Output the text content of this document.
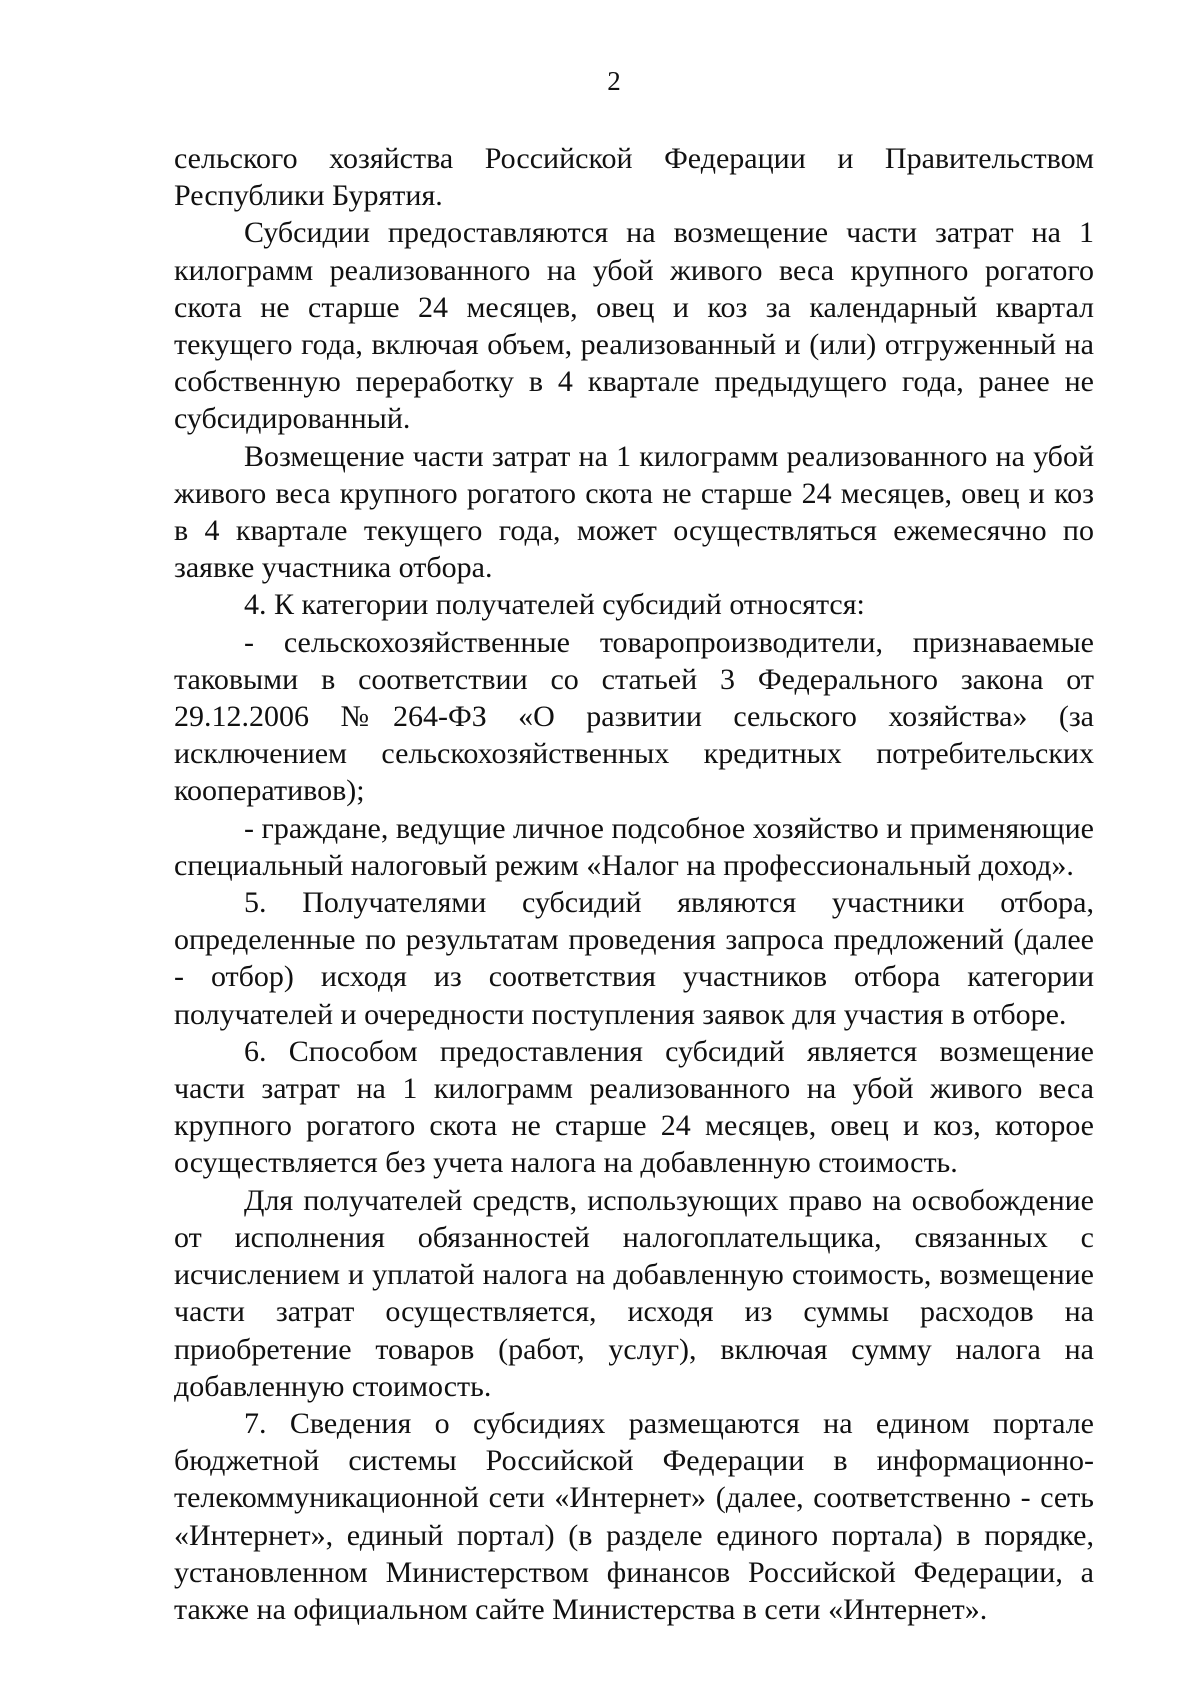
2

сельского хозяйства Российской Федерации и Правительством Республики Бурятия.

Субсидии предоставляются на возмещение части затрат на 1 килограмм реализованного на убой живого веса крупного рогатого скота не старше 24 месяцев, овец и коз за календарный квартал текущего года, включая объем, реализованный и (или) отгруженный на собственную переработку в 4 квартале предыдущего года, ранее не субсидированный.

Возмещение части затрат на 1 килограмм реализованного на убой живого веса крупного рогатого скота не старше 24 месяцев, овец и коз в 4 квартале текущего года, может осуществляться ежемесячно по заявке участника отбора.

4. К категории получателей субсидий относятся:

- сельскохозяйственные товаропроизводители, признаваемые таковыми в соответствии со статьей 3 Федерального закона от 29.12.2006 №264-ФЗ «О развитии сельского хозяйства» (за исключением сельскохозяйственных кредитных потребительских кооперативов);

- граждане, ведущие личное подсобное хозяйство и применяющие специальный налоговый режим «Налог на профессиональный доход».

5. Получателями субсидий являются участники отбора, определенные по результатам проведения запроса предложений (далее - отбор) исходя из соответствия участников отбора категории получателей и очередности поступления заявок для участия в отборе.

6. Способом предоставления субсидий является возмещение части затрат на 1 килограмм реализованного на убой живого веса крупного рогатого скота не старше 24 месяцев, овец и коз, которое осуществляется без учета налога на добавленную стоимость.

Для получателей средств, использующих право на освобождение от исполнения обязанностей налогоплательщика, связанных с исчислением и уплатой налога на добавленную стоимость, возмещение части затрат осуществляется, исходя из суммы расходов на приобретение товаров (работ, услуг), включая сумму налога на добавленную стоимость.

7. Сведения о субсидиях размещаются на едином портале бюджетной системы Российской Федерации в информационно-телекоммуникационной сети «Интернет» (далее, соответственно - сеть «Интернет», единый портал) (в разделе единого портала) в порядке, установленном Министерством финансов Российской Федерации, а также на официальном сайте Министерства в сети «Интернет».
